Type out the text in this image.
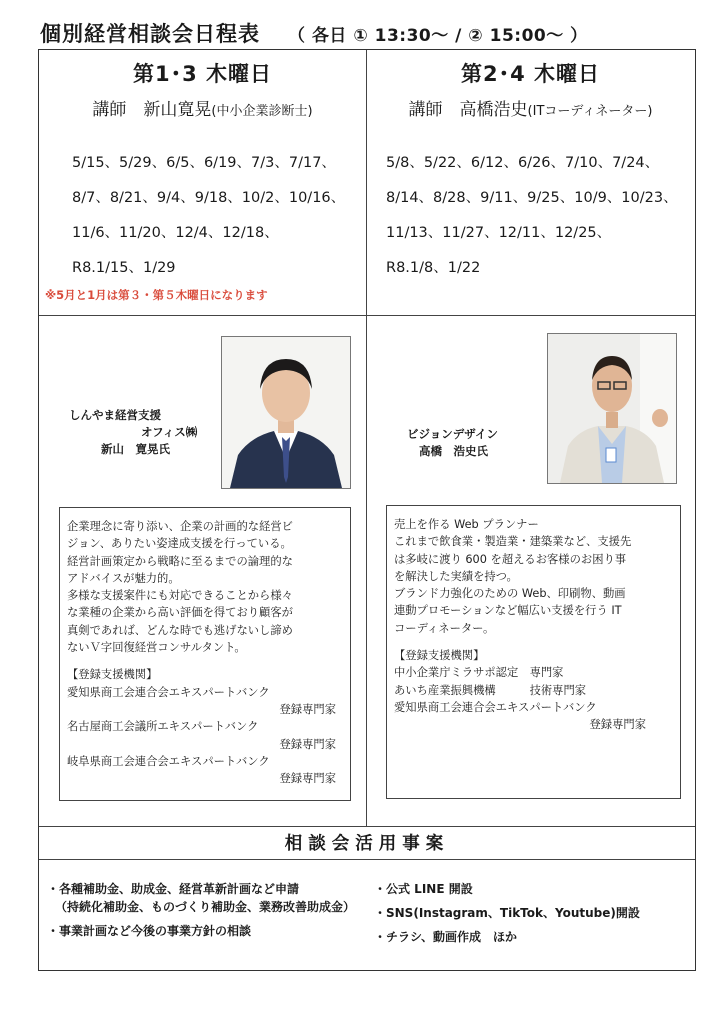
個別経営相談会日程表 （ 各日 ① 13:30～ / ② 15:00～ ）
第1･3 木曜日
講師　新山寛晃(中小企業診断士)
5/15、5/29、6/5、6/19、7/3、7/17、
8/7、8/21、9/4、9/18、10/2、10/16、
11/6、11/20、12/4、12/18、
R8.1/15、1/29
※5月と1月は第３・第５木曜日になります
しんやま経営支援
オフィス㈱
新山　寛晃氏

企業理念に寄り添い、企業の計画的な経営ビ
ジョン、ありたい姿達成支援を行っている。
経営計画策定から戦略に至るまでの論理的な
アドバイスが魅力的。
多様な支援案件にも対応できることから様々
な業種の企業から高い評価を得ており顧客が
真剣であれば、どんな時でも逃げないし諦め
ないＶ字回復経営コンサルタント。

【登録支援機関】
愛知県商工会連合会エキスパートバンク
登録専門家
名古屋商工会議所エキスパートバンク
登録専門家
岐阜県商工会連合会エキスパートバンク
登録専門家
第2･4 木曜日
講師　高橋浩史(ITコーディネーター)
5/8、5/22、6/12、6/26、7/10、7/24、
8/14、8/28、9/11、9/25、10/9、10/23、
11/13、11/27、12/11、12/25、
R8.1/8、1/22
ビジョンデザイン
高橋　浩史氏

売上を作る Web プランナー
これまで飲食業・製造業・建築業など、支援先
は多岐に渡り 600 を超えるお客様のお困り事
を解決した実績を持つ。
ブランド力強化のための Web、印刷物、動画
連動プロモーションなど幅広い支援を行う IT
コーディネーター。

【登録支援機関】
中小企業庁ミラサポ認定　専門家
あいち産業振興機構　　　技術専門家
愛知県商工会連合会エキスパートバンク
登録専門家
相談会活用事案
・各種補助金、助成金、経営革新計画など申請
（持続化補助金、ものづくり補助金、業務改善助成金）
・事業計画など今後の事業方針の相談
・公式 LINE 開設
・SNS(Instagram、TikTok、Youtube)開設
・チラシ、動画作成　ほか
